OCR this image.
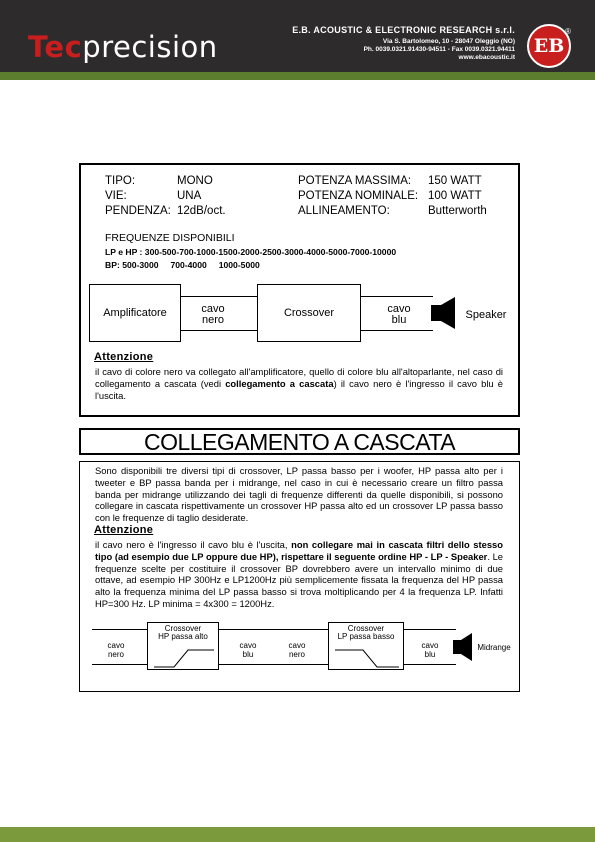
Tecprecision	E.B. ACOUSTIC & ELECTRONIC RESEARCH s.r.l.
Via S. Bartolomeo, 10 - 28047 Oleggio (NO)
Ph. 0039.0321.91430-94511 - Fax 0039.0321.94411
www.ebacoustic.it
EB
®
TIPO:	MONO
VIE:	UNA
PENDENZA: 12dB/oct.
POTENZA MASSIMA: 150 WATT
POTENZA NOMINALE: 100 WATT
ALLINEAMENTO:	Butterworth
FREQUENZE DISPONIBILI
LP e HP : 300-500-700-1000-1500-2000-2500-3000-4000-5000-7000-10000
BP: 500-3000     700-4000     1000-5000
Amplificatore	cavo
nero
Crossover	cavo
blu	Speaker
Attenzione
il cavo di colore nero va collegato all'amplificatore, quello di colore blu all'altoparlante, nel caso di collegamento a cascata (vedi collegamento a cascata) il cavo nero è l'ingresso il cavo blu è l'uscita.
COLLEGAMENTO A CASCATA
Sono disponibili tre diversi tipi di crossover, LP passa basso per i woofer, HP passa alto per i tweeter e BP passa banda per i midrange, nel caso in cui è necessario creare un filtro passa banda per midrange utilizzando dei tagli di frequenze differenti da quelle disponibili, si possono collegare in cascata rispettivamente un crossover HP passa alto ed un crossover LP passa basso con le frequenze di taglio desiderate.
Attenzione
il cavo nero è l'ingresso il cavo blu è l'uscita, non collegare mai in cascata filtri dello stesso tipo (ad esempio due LP oppure due HP), rispettare il seguente ordine HP - LP - Speaker. Le frequenze scelte per costituire il crossover BP dovrebbero avere un intervallo minimo di due ottave, ad esempio HP 300Hz e LP1200Hz più semplicemente fissata la frequenza del HP passa alto la frequenza minima del LP passa basso si trova moltiplicando per 4 la frequenza LP. Infatti HP=300 Hz. LP minima = 4x300 = 1200Hz.
cavo
nero
Crossover
HP passa alto
cavo
blu
cavo
nero
Crossover
LP passa basso
cavo
blu
Midrange
